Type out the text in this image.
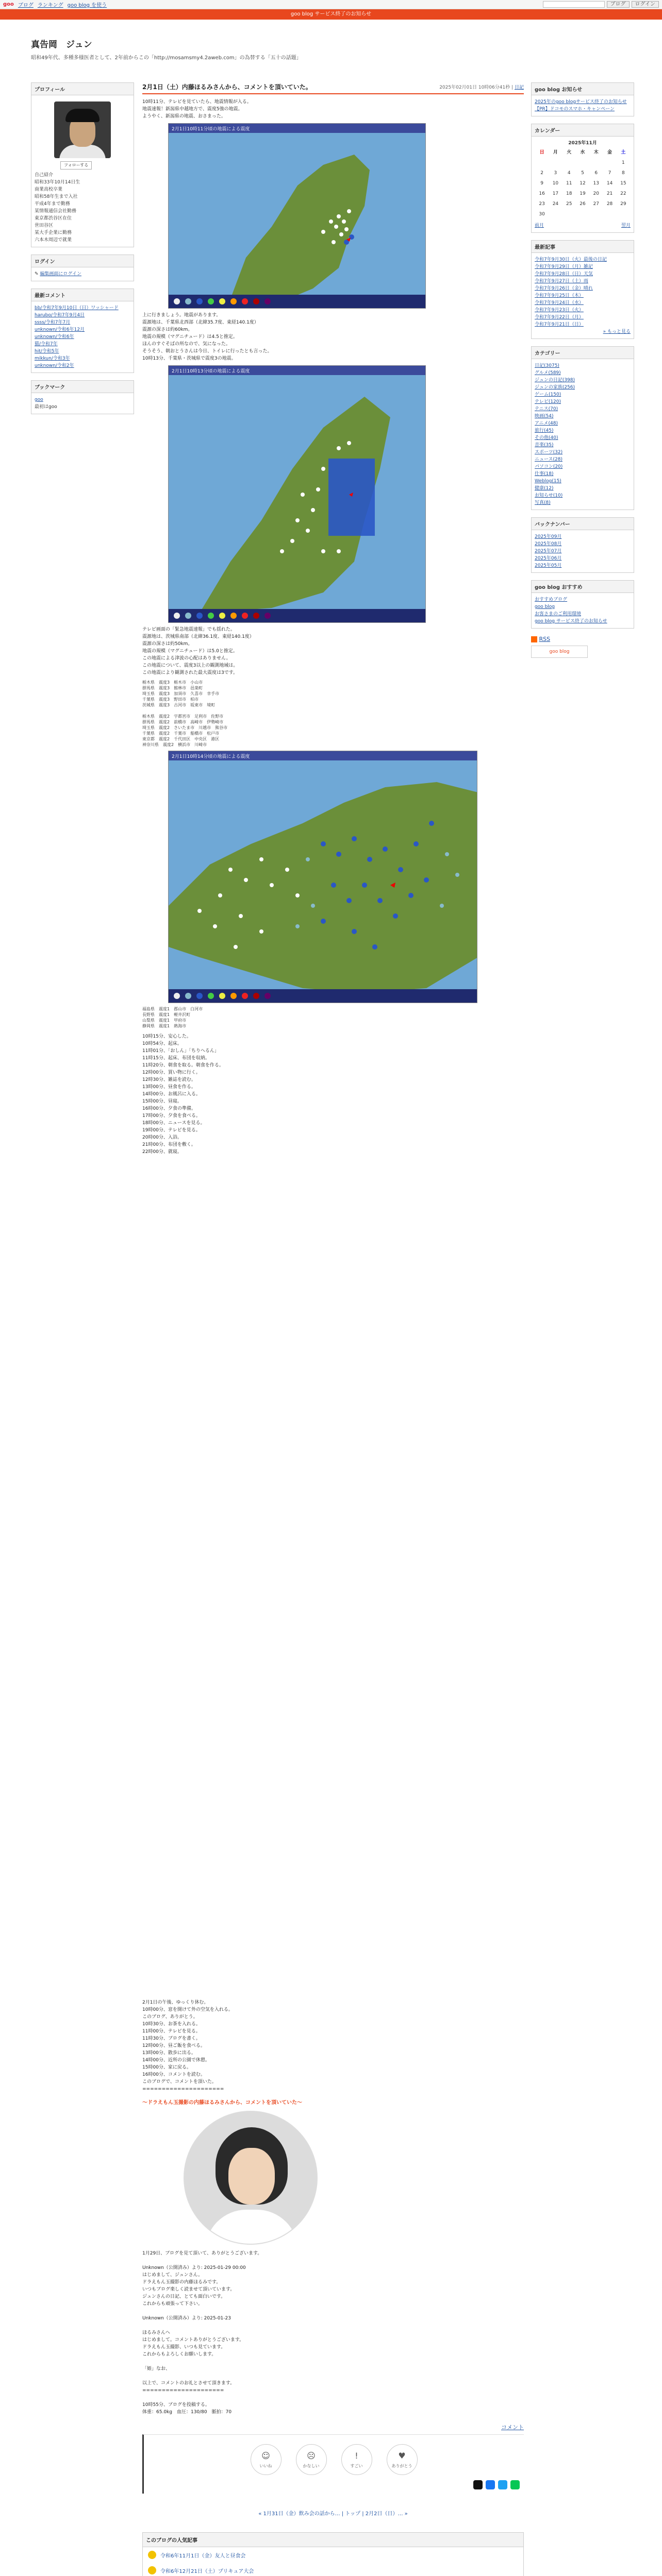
goo ブログ ランキング goo blog を使う	ブログ	ログイン
goo blog サービス終了のお知らせ
真告岡　ジュン
昭和49年代、多種多様医者として、2年前からこの「http://mosamsmy4.2aweb.com」の為替する「五十の話題」
プロフィール
フォローする
自己紹介
昭和33年10月14日生
商業高校卒業
昭和58年生まで入社
平成4年まで勤務
某情報通信会社勤務
東京都渋谷区在住
世田谷区
某大手企業に勤務
六本木周辺で就業
ログイン
✎ 編集画面にログイン
最新コメント
bb/令和7年9月10日（日）ワッシャード
harubo/令和7年9月4日
ssss/令和7年7月
unknown/令和6年12月
unknown/令和6年
猫/令和7年
hit/令和5年
mikkun/令和3年
unknown/令和2年
ブックマーク
goo
最初はgoo
2月1日（土）内藤ほるみさんから、コメントを頂いていた。	2025年02月01日 10時06分41秒 | 日記
10時11分、テレビを見ていたら、地震情報が入る。
地震速報！新潟県中越地方で、震度5強の地震。
ようやく、新潟県の地震、おさまった。
2月1日10時11分頃の地震による震度
上に行きましょう。地震があります。
震源地は、千葉県北西部（北緯35.7度、東経140.1度）
震源の深さは約60km。
地震の規模（マグニチュード）は4.5と推定。
ほんのすぐそばの所なので、気になった。
そうそう、朝おとうさんは今日、トイレに行ったとも言った。
10時13分、千葉県・茨城県で震度3の地震。
2月1日10時13分頃の地震による震度
テレビ画面の「緊急地震速報」でも揺れた。
震源地は、茨城県南部（北緯36.1度、東経140.1度）
震源の深さは約50km。
地震の規模（マグニチュード）は5.0と推定。
この地震による津波の心配はありません。
この地震について、震度3以上の観測地域は。
この地震により観測された最大震度は3です。
栃木県　震度3　栃木市　小山市
群馬県　震度3　館林市　邑楽町
埼玉県　震度3　加須市　久喜市　幸手市
千葉県　震度3　野田市　柏市
茨城県　震度3　古河市　坂東市　境町

栃木県　震度2　宇都宮市　足利市　佐野市
群馬県　震度2　前橋市　高崎市　伊勢崎市
埼玉県　震度2　さいたま市　川越市　熊谷市
千葉県　震度2　千葉市　船橋市　松戸市
東京都　震度2　千代田区　中央区　港区
神奈川県　震度2　横浜市　川崎市
2月1日10時14分頃の地震による震度
福島県　震度1　郡山市　白河市
長野県　震度1　軽井沢町
山梨県　震度1　甲府市
静岡県　震度1　熱海市
10時15分、安心した。
10時54分、起床。
11時01分、「おしん」「ちりへるん」
11時15分、起床、布団を収納。
11時20分、朝食を取る。朝食を作る。
12時00分、買い物に行く。
12時30分、雑誌を読む。
13時00分、昼食を作る。
14時00分、お風呂に入る。
15時00分、昼寝。
16時00分、夕食の準備。
17時00分、夕食を食べる。
18時00分、ニュースを見る。
19時00分、テレビを見る。
20時00分、入浴。
21時00分、布団を敷く。
22時00分、就寝。
2月1日の午後、ゆっくり休む。
10時00分、窓を開けて外の空気を入れる。
このブログ、ありがとう。
10時30分、お茶を入れる。
11時00分、テレビを見る。
11時30分、ブログを書く。
12時00分、昼ご飯を食べる。
13時00分、散歩に出る。
14時00分、近所の公園で休憩。
15時00分、家に戻る。
16時00分、コメントを読む。
このブログで、コメントを頂いた。
=====================
～ドラえもん玉撮影の内藤ほるみさんから、コメントを頂いていた～
1月29日、ブログを見て頂いて、ありがとうございます。

Unknown（公開済み）より: 2025-01-29 00:00
はじめまして、ジュンさん。
ドラえもん玉撮影の内藤ほるみです。
いつもブログ楽しく読ませて頂いています。
ジュンさんの日記、とても面白いです。
これからも頑張って下さい。

Unknown（公開済み）より: 2025-01-23

ほるみさんへ
はじめまして。コメントありがとうございます。
ドラえもん玉撮影、いつも見ています。
これからもよろしくお願いします。

「姫」なお、

以上で、コメントのお礼とさせて頂きます。
=====================

10時55分、ブログを投稿する。
体重：65.0kg　血圧：130/80　脈拍：70
コメント
☺
いいね
☹
かなしい
!
すごい
♥
ありがとう
« 1月31日（金）飲み会の話から… | トップ | 2月2日（日）… »
このブログの人気記事
令和6年11月1日（金）友人と昼食会
令和6年12月21日（土）プリキュア大会
goo blog お知らせ
2025年のgoo blogサービス終了のお知らせ
【PR】ドコモのスマホ・キャンペーン
カレンダー
2025年11月
日	月	火	水	木	金	土
						1
2	3	4	5	6	7	8
9	10	11	12	13	14	15
16	17	18	19	20	21	22
23	24	25	26	27	28	29
30						
前月	翌月
最新記事
令和7年9月30日（火）最後の日記
令和7年9月29日（月）雑記
令和7年9月28日（日）天気
令和7年9月27日（土）雨
令和7年9月26日（金）晴れ
令和7年9月25日（木）
令和7年9月24日（水）
令和7年9月23日（火）
令和7年9月22日（月）
令和7年9月21日（日）
» もっと見る
カテゴリー
日記(3075)
グルメ(589)
ジュンの日記(398)
ジュンの家族(256)
ゲーム(150)
テレビ(120)
テニス(70)
映画(54)
アニメ(48)
旅行(45)
その他(40)
音楽(35)
スポーツ(32)
ニュース(28)
パソコン(20)
仕事(18)
Weblog(15)
健康(12)
お知らせ(10)
写真(8)
バックナンバー
2025年09月
2025年08月
2025年07月
2025年06月
2025年05月
goo blog おすすめ
おすすめブログ
goo blog
お客さまのご利用環境
goo blog サービス終了のお知らせ
RSS
goo blog
